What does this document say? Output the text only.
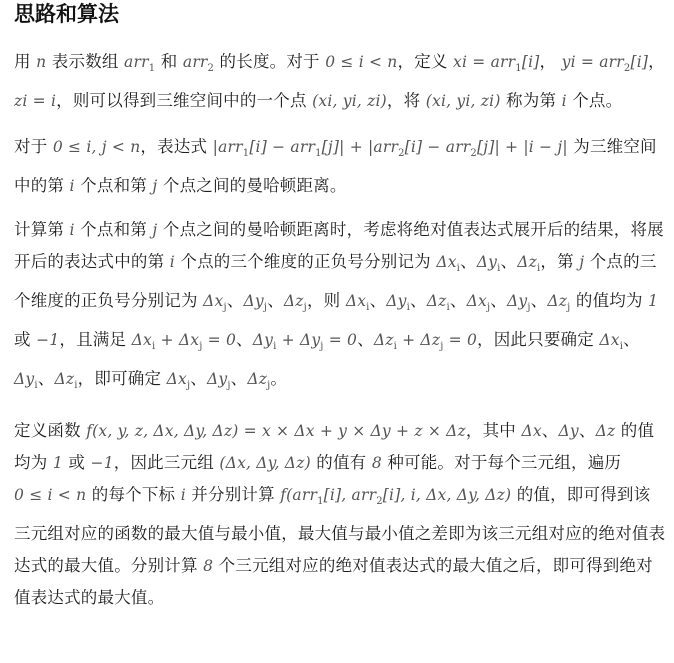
思路和算法

用 n 表示数组 arr$_1$ 和 arr$_2$ 的长度。对于 0 ≤ i < n，定义 xi = arr$_1$[i]， yi = arr$_2$[i]， zi = i，则可以得到三维空间中的一个点 (xi, yi, zi)，将 (xi, yi, zi) 称为第 i 个点。

对于 0 ≤ i, j < n，表达式 |arr$_1$[i] − arr$_1$[j]| + |arr$_2$[i] − arr$_2$[j]| + |i − j| 为三维空间中的第 i 个点和第 j 个点之间的曼哈顿距离。

计算第 i 个点和第 j 个点之间的曼哈顿距离时，考虑将绝对值表达式展开后的结果，将展开后的表达式中的第 i 个点的三个维度的正负号分别记为 $\Delta x_i$、$\Delta y_i$、$\Delta z_i$，第 j 个点的三个维度的正负号分别记为 $\Delta x_j$、$\Delta y_j$、$\Delta z_j$，则 $\Delta x_i$、$\Delta y_i$、$\Delta z_i$、$\Delta x_j$、$\Delta y_j$、$\Delta z_j$ 的值均为 1 或 −1，且满足 $\Delta x_i + \Delta x_j = 0$、$\Delta y_i + \Delta y_j = 0$、$\Delta z_i + \Delta z_j = 0$，因此只要确定 $\Delta x_i$、$\Delta y_i$、$\Delta z_i$，即可确定 $\Delta x_j$、$\Delta y_j$、$\Delta z_j$。

定义函数 f(x, y, z, Δx, Δy, Δz) = x × Δx + y × Δy + z × Δz，其中 Δx、Δy、Δz 的值均为 1 或 −1，因此三元组 (Δx, Δy, Δz) 的值有 8 种可能。对于每个三元组，遍历 0 ≤ i < n 的每个下标 i 并分别计算 f(arr$_1$[i], arr$_2$[i], i, Δx, Δy, Δz) 的值，即可得到该三元组对应的函数的最大值与最小值，最大值与最小值之差即为该三元组对应的绝对值表达式的最大值。分别计算 8 个三元组对应的绝对值表达式的最大值之后，即可得到绝对值表达式的最大值。
